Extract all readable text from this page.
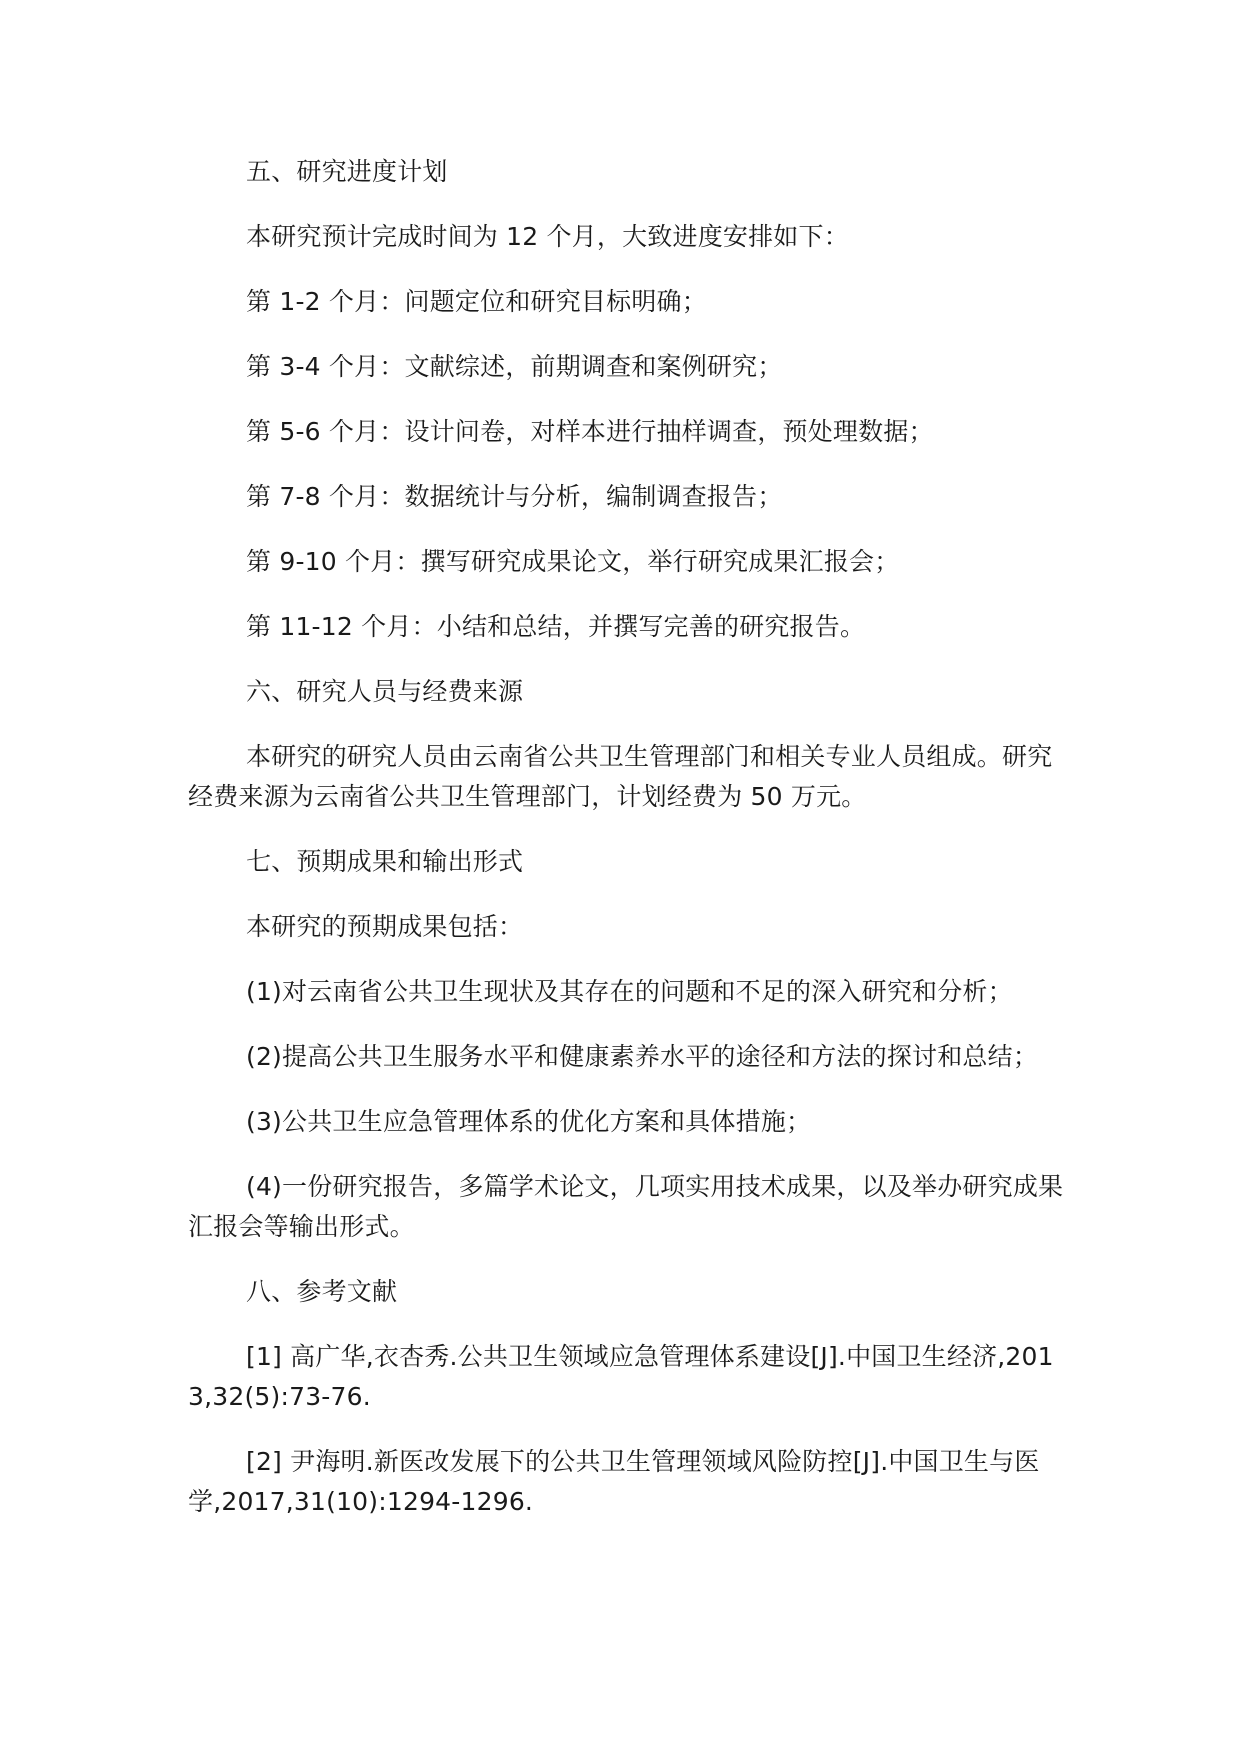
五、研究进度计划

本研究预计完成时间为 12 个月，大致进度安排如下：

第 1-2 个月：问题定位和研究目标明确；

第 3-4 个月：文献综述，前期调查和案例研究；

第 5-6 个月：设计问卷，对样本进行抽样调查，预处理数据；

第 7-8 个月：数据统计与分析，编制调查报告；

第 9-10 个月：撰写研究成果论文，举行研究成果汇报会；

第 11-12 个月：小结和总结，并撰写完善的研究报告。

六、研究人员与经费来源

本研究的研究人员由云南省公共卫生管理部门和相关专业人员组成。研究经费来源为云南省公共卫生管理部门，计划经费为 50 万元。

七、预期成果和输出形式

本研究的预期成果包括：

(1)对云南省公共卫生现状及其存在的问题和不足的深入研究和分析；

(2)提高公共卫生服务水平和健康素养水平的途径和方法的探讨和总结；

(3)公共卫生应急管理体系的优化方案和具体措施；

(4)一份研究报告，多篇学术论文，几项实用技术成果，以及举办研究成果汇报会等输出形式。

八、参考文献

[1] 高广华,衣杏秀.公共卫生领域应急管理体系建设[J].中国卫生经济,2013,32(5):73-76.

[2] 尹海明.新医改发展下的公共卫生管理领域风险防控[J].中国卫生与医学,2017,31(10):1294-1296.
